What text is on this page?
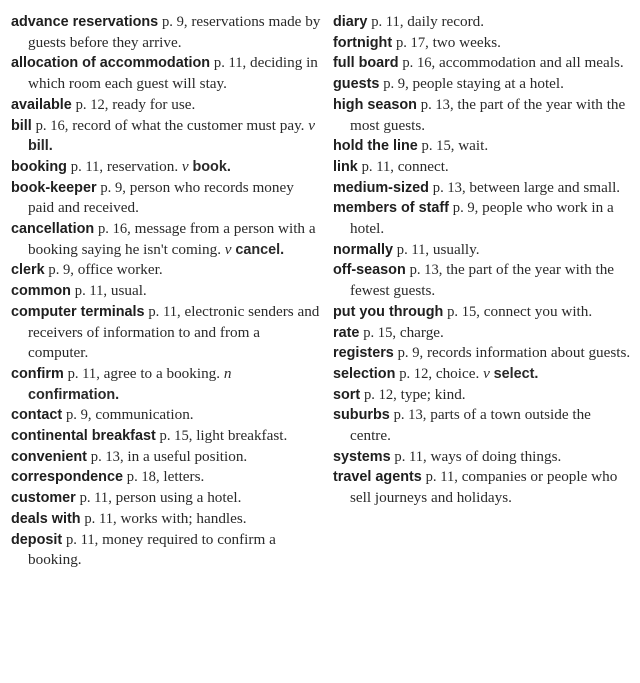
advance reservations p. 9, reservations made by guests before they arrive.

allocation of accommodation p. 11, deciding in which room each guest will stay.

available p. 12, ready for use.

bill p. 16, record of what the customer must pay. v bill.

booking p. 11, reservation. v book.

book-keeper p. 9, person who records money paid and received.

cancellation p. 16, message from a person with a booking saying he isn't coming. v cancel.

clerk p. 9, office worker.

common p. 11, usual.

computer terminals p. 11, electronic senders and receivers of information to and from a computer.

confirm p. 11, agree to a booking. n confirmation.

contact p. 9, communication.

continental breakfast p. 15, light breakfast.

convenient p. 13, in a useful position.

correspondence p. 18, letters.

customer p. 11, person using a hotel.

deals with p. 11, works with; handles.

deposit p. 11, money required to confirm a booking.

diary p. 11, daily record.

fortnight p. 17, two weeks.

full board p. 16, accommodation and all meals.

guests p. 9, people staying at a hotel.

high season p. 13, the part of the year with the most guests.

hold the line p. 15, wait.

link p. 11, connect.

medium-sized p. 13, between large and small.

members of staff p. 9, people who work in a hotel.

normally p. 11, usually.

off-season p. 13, the part of the year with the fewest guests.

put you through p. 15, connect you with.

rate p. 15, charge.

registers p. 9, records information about guests.

selection p. 12, choice. v select.

sort p. 12, type; kind.

suburbs p. 13, parts of a town outside the centre.

systems p. 11, ways of doing things.

travel agents p. 11, companies or people who sell journeys and holidays.
